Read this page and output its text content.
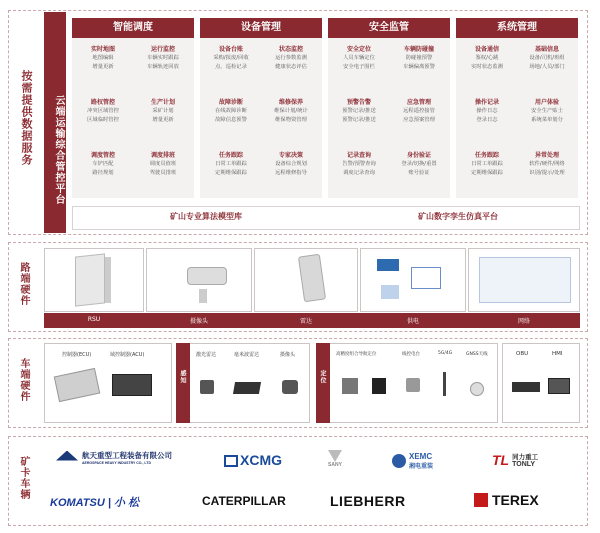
按需提供数据服务	云端运输综合管控平台
智能调度
实时地图
地图编辑
增量更新
运行监控
车辆实时跟踪
车辆轨迹回放
路权管控
冲突区域管控
区域临时管控
生产计划
采矿计划
增量更新
调度管控
车铲匹配
路径规划
调度排班
调度员值班
驾驶员排班
设备管理
设备台账
采购/报废/回收
点、巡检记录
状态监控
运行参数监测
健康状态评估
故障诊断
在线故障诊断
故障信息预警
维修保养
维保计划/统计
维保物资管理
任务跟踪
日常工单跟踪
定期维保跟踪
专家决策
设备综合规划
远程维修指导
安全监管
安全定位
人员车辆定位
安全电子围栏
车辆防碰撞
防碰撞预警
车辆偏离预警
预警告警
预警记录/推送
预警记录/推送
应急管理
远程遥控接管
应急预案管理
记录查询
告警/预警查询
调度记录查询
身份验证
登录/切换/重置
账号验证
系统管理
设备通信
鉴权/心跳
实时状态监测
基础信息
设备/司机/班组
场地/人员/部门
操作记录
操作日志
登录日志
用户体验
安全生产贴士
系统菜单划分
任务跟踪
日常工单跟踪
定期维保跟踪
异常处理
软件/硬件/网络
识别/提示/处理
矿山专业算法模型库	矿山数字孪生仿真平台
路端硬件
RSU	摄像头	雷达	供电	网络
车端硬件
控制器(ECU)	域控制器(ACU)
感知
激光雷达	毫米波雷达	摄像头
定位
高精度组合导航定位	线控电台	5G/4G	GNSS天线	OBU	HMI
矿卡车辆
航天重型工程装备有限公司
AEROSPACE HEAVY INDUSTRY CO., LTD	XCMG	SANY
XEMC
湘电重装	TL 同力重工
TONLY
KOMATSU | 小 松	CATERPILLAR	LIEBHERR	TEREX
